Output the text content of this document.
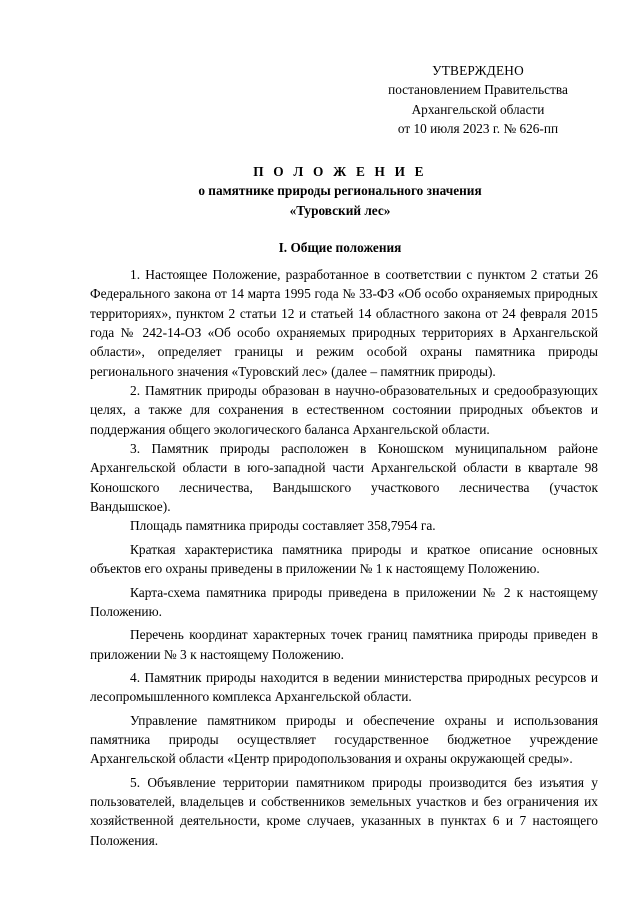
УТВЕРЖДЕНО
постановлением Правительства
Архангельской области
от 10 июля 2023 г. № 626-пп
П О Л О Ж Е Н И Е
о памятнике природы регионального значения
«Туровский лес»
I. Общие положения

1. Настоящее Положение, разработанное в соответствии с пунктом 2 статьи 26 Федерального закона от 14 марта 1995 года № 33-ФЗ «Об особо охраняемых природных территориях», пунктом 2 статьи 12 и статьей 14 областного закона от 24 февраля 2015 года № 242-14-ОЗ «Об особо охраняемых природных территориях в Архангельской области», определяет границы и режим особой охраны памятника природы регионального значения «Туровский лес» (далее – памятник природы).

2. Памятник природы образован в научно-образовательных и средообразующих целях, а также для сохранения в естественном состоянии природных объектов и поддержания общего экологического баланса Архангельской области.

3. Памятник природы расположен в Коношском муниципальном районе Архангельской области в юго-западной части Архангельской области в квартале 98 Коношского лесничества, Вандышского участкового лесничества (участок Вандышское).

Площадь памятника природы составляет 358,7954 га.

Краткая характеристика памятника природы и краткое описание основных объектов его охраны приведены в приложении № 1 к настоящему Положению.

Карта-схема памятника природы приведена в приложении № 2 к настоящему Положению.

Перечень координат характерных точек границ памятника природы приведен в приложении № 3 к настоящему Положению.

4. Памятник природы находится в ведении министерства природных ресурсов и лесопромышленного комплекса Архангельской области.

Управление памятником природы и обеспечение охраны и использования памятника природы осуществляет государственное бюджетное учреждение Архангельской области «Центр природопользования и охраны окружающей среды».

5. Объявление территории памятником природы производится без изъятия у пользователей, владельцев и собственников земельных участков и без ограничения их хозяйственной деятельности, кроме случаев, указанных в пунктах 6 и 7 настоящего Положения.
